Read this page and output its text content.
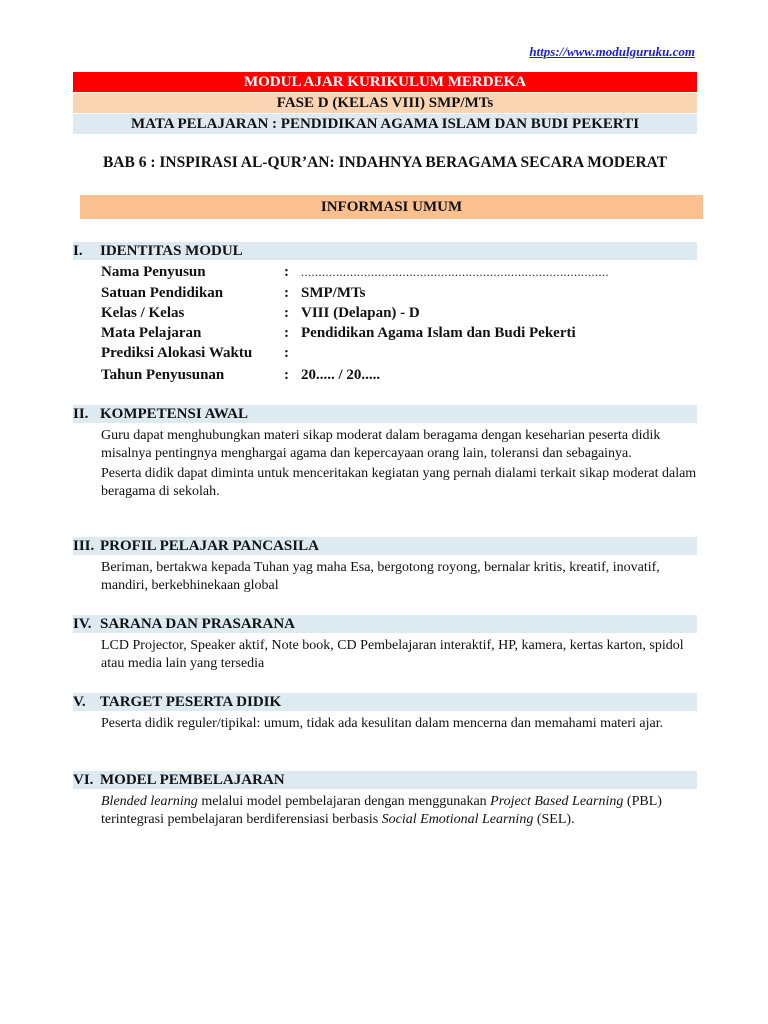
https://www.modulguruku.com
MODUL AJAR KURIKULUM MERDEKA
FASE D (KELAS VIII) SMP/MTs
MATA PELAJARAN : PENDIDIKAN AGAMA ISLAM DAN BUDI PEKERTI
BAB 6 : INSPIRASI AL-QUR’AN: INDAHNYA BERAGAMA SECARA MODERAT
INFORMASI UMUM
I. IDENTITAS MODUL
Nama Penyusun	: ........................................................................................
Satuan Pendidikan	: SMP/MTs
Kelas / Kelas	: VIII (Delapan) - D
Mata Pelajaran	: Pendidikan Agama Islam dan Budi Pekerti
Prediksi Alokasi Waktu :
Tahun Penyusunan	: 20..... / 20.....
II. KOMPETENSI AWAL

Guru dapat menghubungkan materi sikap moderat dalam beragama dengan keseharian peserta didik misalnya pentingnya menghargai agama dan kepercayaan orang lain, toleransi dan sebagainya.

Peserta didik dapat diminta untuk menceritakan kegiatan yang pernah dialami terkait sikap moderat dalam beragama di sekolah.

III. PROFIL PELAJAR PANCASILA
Beriman, bertakwa kepada Tuhan yag maha Esa, bergotong royong, bernalar kritis, kreatif, inovatif, mandiri, berkebhinekaan global
IV. SARANA DAN PRASARANA
LCD Projector, Speaker aktif, Note book, CD Pembelajaran interaktif, HP, kamera, kertas karton, spidol atau media lain yang tersedia
V. TARGET PESERTA DIDIK
Peserta didik reguler/tipikal: umum, tidak ada kesulitan dalam mencerna dan memahami materi ajar.
VI. MODEL PEMBELAJARAN
Blended learning melalui model pembelajaran dengan menggunakan Project Based Learning (PBL) terintegrasi pembelajaran berdiferensiasi berbasis Social Emotional Learning (SEL).
